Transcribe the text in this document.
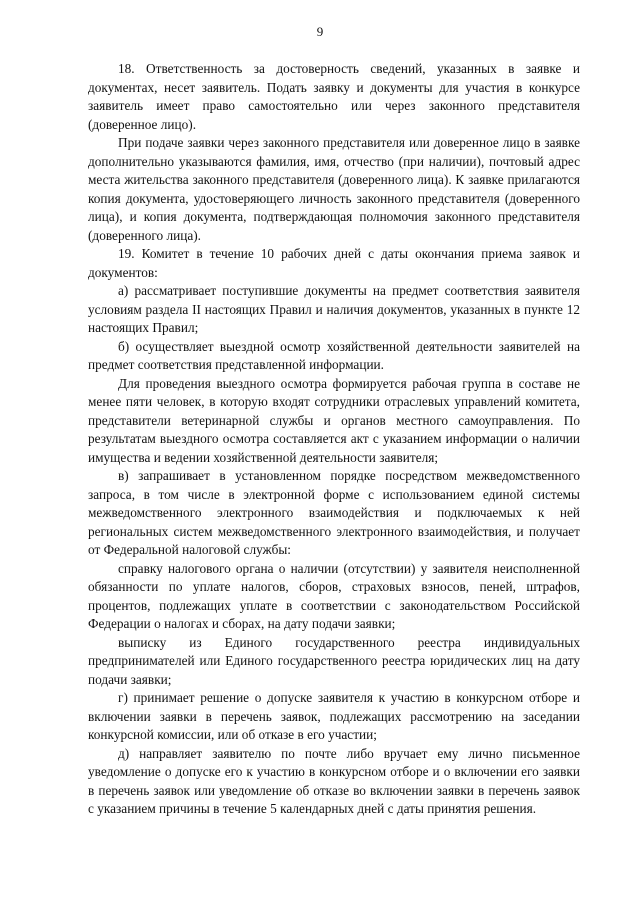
9

18. Ответственность за достоверность сведений, указанных в заявке и документах, несет заявитель. Подать заявку и документы для участия в конкурсе заявитель имеет право самостоятельно или через законного представителя (доверенное лицо).

При подаче заявки через законного представителя или доверенное лицо в заявке дополнительно указываются фамилия, имя, отчество (при наличии), почтовый адрес места жительства законного представителя (доверенного лица). К заявке прилагаются копия документа, удостоверяющего личность законного представителя (доверенного лица), и копия документа, подтверждающая полномочия законного представителя (доверенного лица).

19. Комитет в течение 10 рабочих дней с даты окончания приема заявок и документов:

а) рассматривает поступившие документы на предмет соответствия заявителя условиям раздела II настоящих Правил и наличия документов, указанных в пункте 12 настоящих Правил;

б) осуществляет выездной осмотр хозяйственной деятельности заявителей на предмет соответствия представленной информации.

Для проведения выездного осмотра формируется рабочая группа в составе не менее пяти человек, в которую входят сотрудники отраслевых управлений комитета, представители ветеринарной службы и органов местного самоуправления. По результатам выездного осмотра составляется акт с указанием информации о наличии имущества и ведении хозяйственной деятельности заявителя;

в) запрашивает в установленном порядке посредством межведомственного запроса, в том числе в электронной форме с использованием единой системы межведомственного электронного взаимодействия и подключаемых к ней региональных систем межведомственного электронного взаимодействия, и получает от Федеральной налоговой службы:

справку налогового органа о наличии (отсутствии) у заявителя неисполненной обязанности по уплате налогов, сборов, страховых взносов, пеней, штрафов, процентов, подлежащих уплате в соответствии с законодательством Российской Федерации о налогах и сборах, на дату подачи заявки;

выписку из Единого государственного реестра индивидуальных предпринимателей или Единого государственного реестра юридических лиц на дату подачи заявки;

г) принимает решение о допуске заявителя к участию в конкурсном отборе и включении заявки в перечень заявок, подлежащих рассмотрению на заседании конкурсной комиссии, или об отказе в его участии;

д) направляет заявителю по почте либо вручает ему лично письменное уведомление о допуске его к участию в конкурсном отборе и о включении его заявки в перечень заявок или уведомление об отказе во включении заявки в перечень заявок с указанием причины в течение 5 календарных дней с даты принятия решения.
